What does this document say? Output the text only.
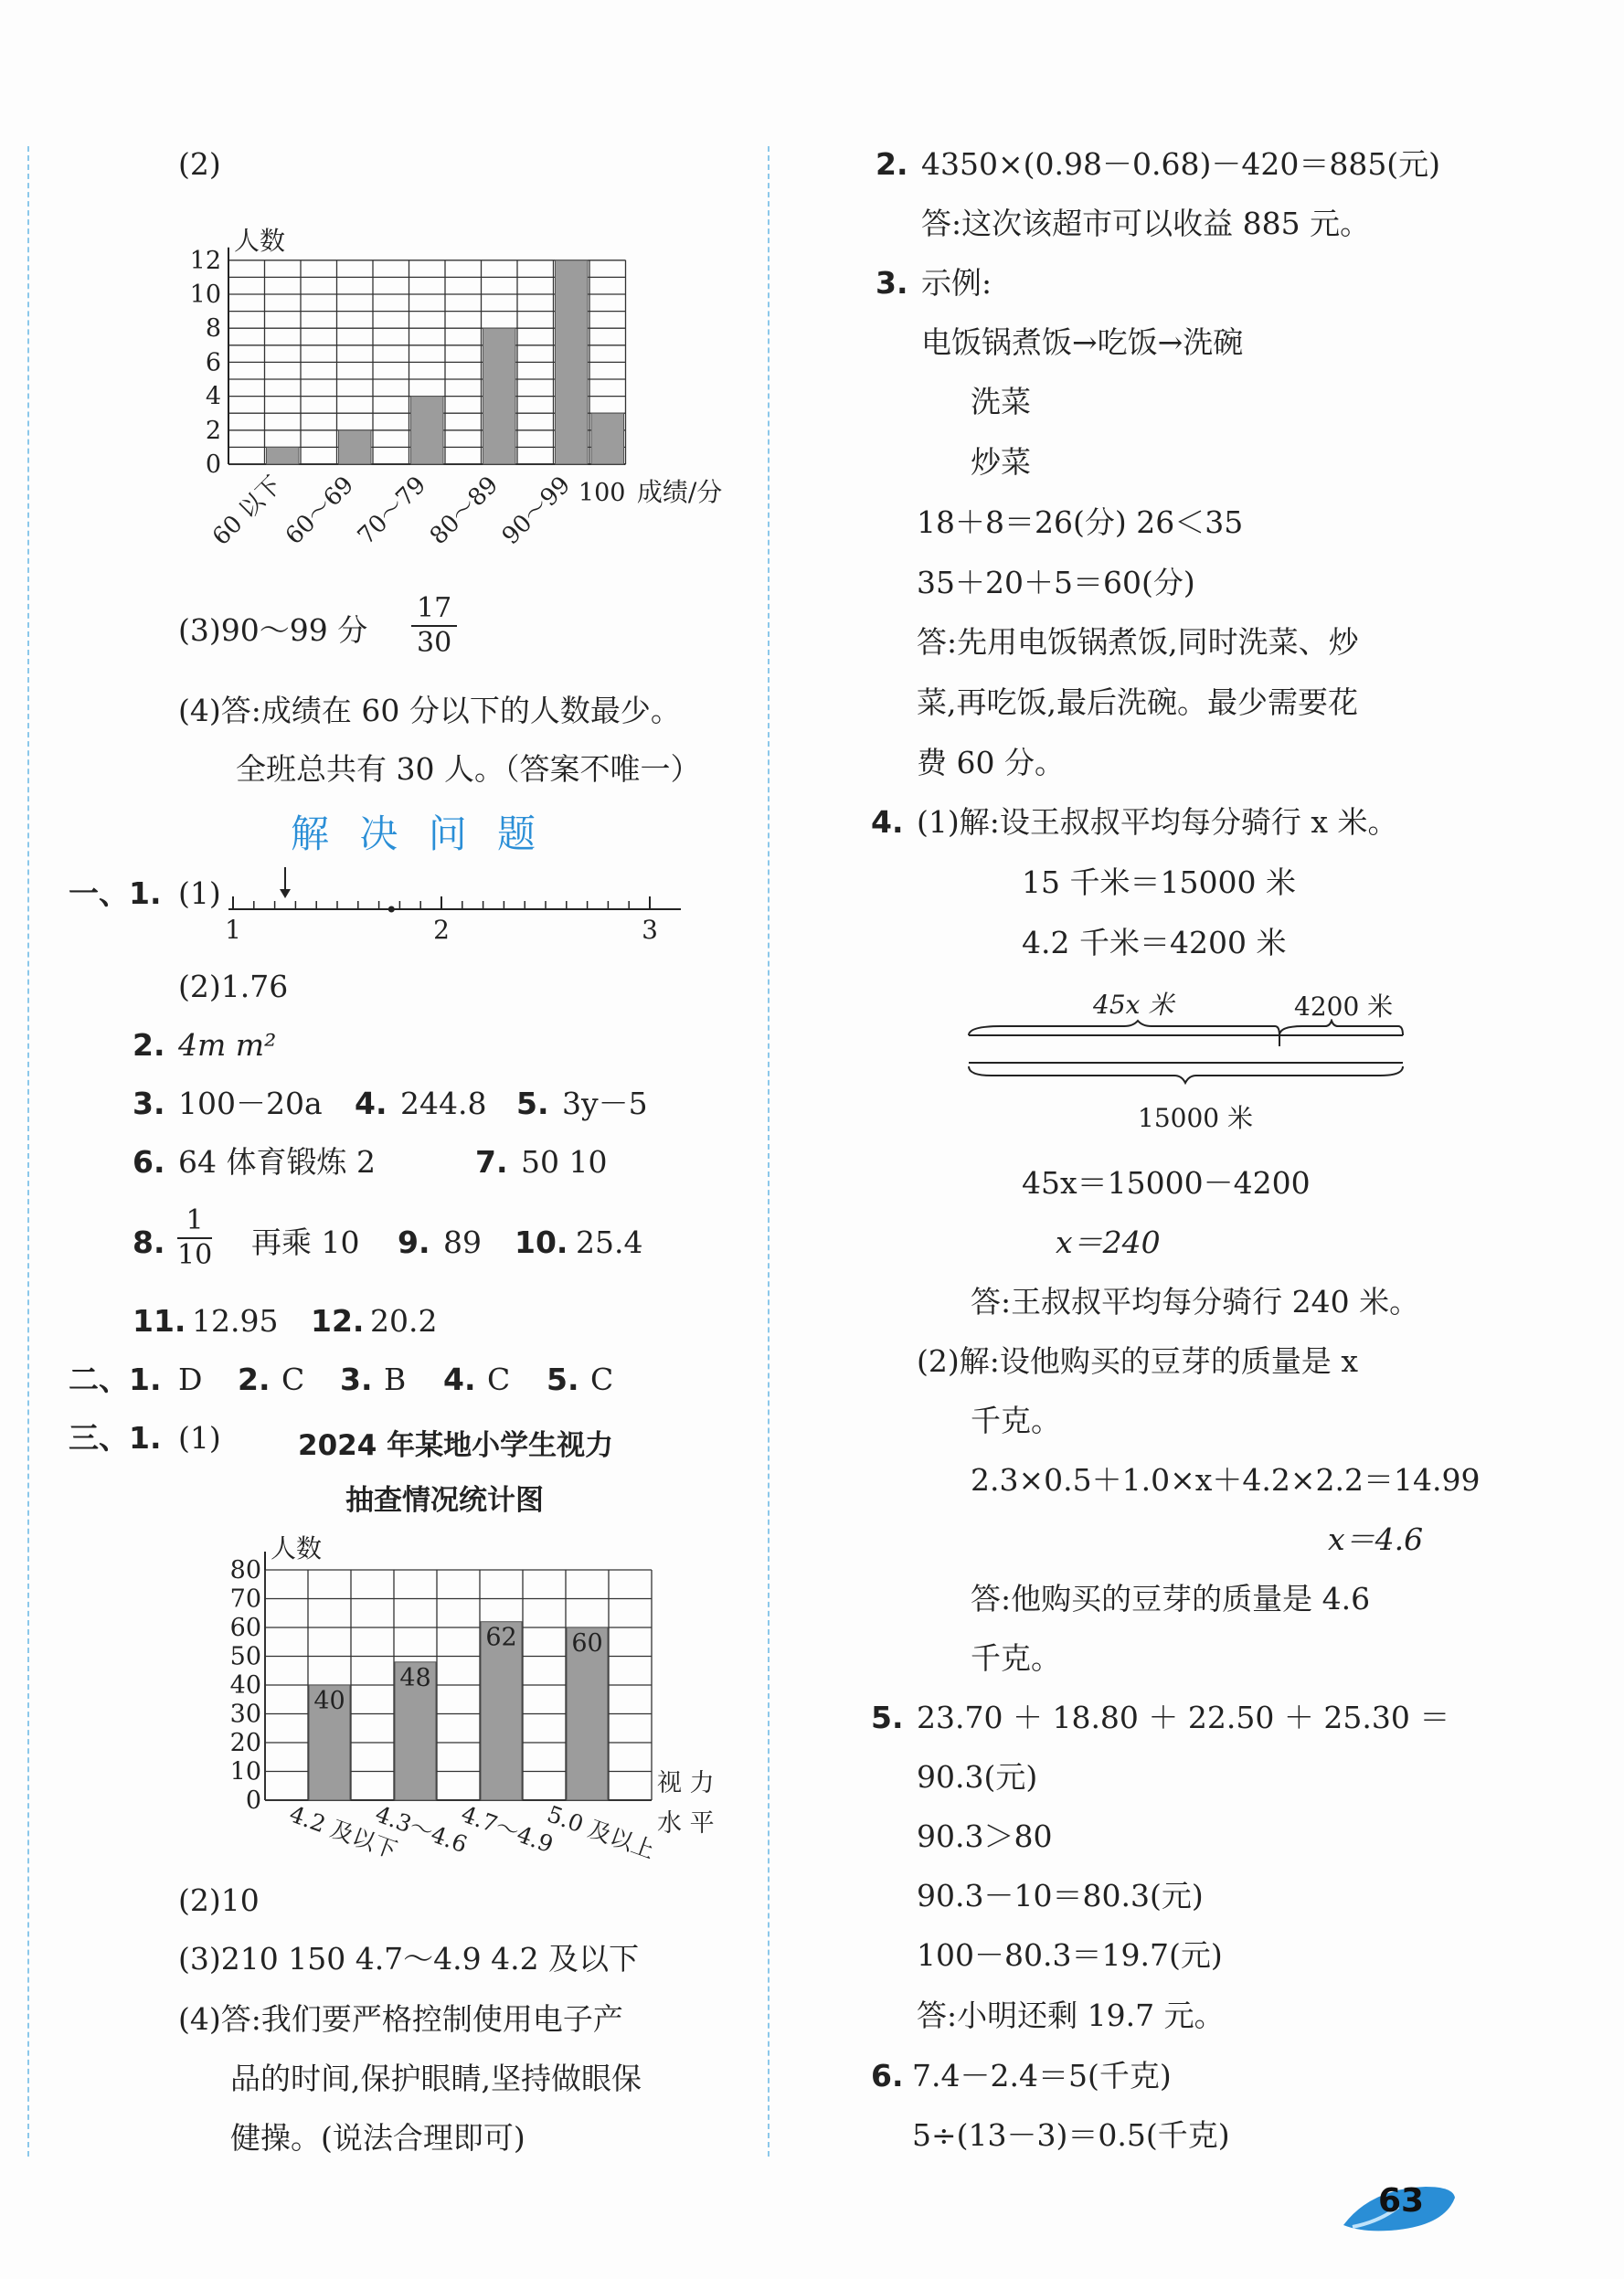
(2)
人数
0
2
4
6
8
10
12
60 以下
60～69
70～79
80～89
90～99 100 成绩/分
(3)90～99 分 $\frac{17}{30}$
(4)答:成绩在 60 分以下的人数最少。
全班总共有 30 人。（答案不唯一）
解 决 问 题
一、1. (1)
1	2	3
(2)1.76
2. 4m m²
3. 100－20a 4. 244.8 5. 3y－5
6. 64 体育锻炼 2	7. 50 10
8. $\frac{1}{10}$ 再乘 10 9. 89 10. 25.4
11. 12.95 12. 20.2
二、1. D 2. C 3. B 4. C 5. C
三、1. (1)	2024 年某地小学生视力
抽查情况统计图
人数
0
10
20
30
40
50
60
70
80
40
48
62 60
4.2 及以下
4.3～4.6
4.7～4.9
5.0 及以上
视 力
水 平
(2)10
(3)210 150 4.7～4.9 4.2 及以下
(4)答:我们要严格控制使用电子产
品的时间,保护眼睛,坚持做眼保
健操。(说法合理即可)
2. 4350×(0.98－0.68)－420＝885(元)
答:这次该超市可以收益 885 元。
3. 示例:
电饭锅煮饭→吃饭→洗碗
洗菜
炒菜
18＋8＝26(分) 26＜35
35＋20＋5＝60(分)
答:先用电饭锅煮饭,同时洗菜、炒
菜,再吃饭,最后洗碗。最少需要花
费 60 分。
4. (1)解:设王叔叔平均每分骑行 x 米。
15 千米＝15000 米
4.2 千米＝4200 米
45x 米	4200 米
15000 米
45x＝15000－4200
x＝240
答:王叔叔平均每分骑行 240 米。
(2)解:设他购买的豆芽的质量是 x
千克。
2.3×0.5＋1.0×x＋4.2×2.2＝14.99
x＝4.6
答:他购买的豆芽的质量是 4.6
千克。
5. 23.70 ＋ 18.80 ＋ 22.50 ＋ 25.30 ＝
90.3(元)
90.3＞80
90.3－10＝80.3(元)
100－80.3＝19.7(元)
答:小明还剩 19.7 元。
6. 7.4－2.4＝5(千克)
5÷(13－3)＝0.5(千克)
63
